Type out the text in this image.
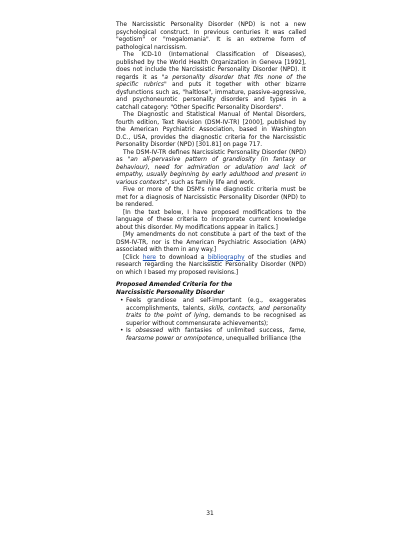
The Narcissistic Personality Disorder (NPD) is not a new psychological construct. In previous centuries it was called "egotism" or "megalomania". It is an extreme form of pathological narcissism.

The ICD-10 (International Classification of Diseases), published by the World Health Organization in Geneva [1992], does not include the Narcissistic Personality Disorder (NPD). It regards it as "a personality disorder that fits none of the specific rubrics" and puts it together with other bizarre dysfunctions such as, "haltlose", immature, passive-aggressive, and psychoneurotic personality disorders and types in a catchall category: "Other Specific Personality Disorders".

The Diagnostic and Statistical Manual of Mental Disorders, fourth edition, Text Revision (DSM-IV-TR) [2000], published by the American Psychiatric Association, based in Washington D.C., USA, provides the diagnostic criteria for the Narcissistic Personality Disorder (NPD) [301.81] on page 717.

The DSM-IV-TR defines Narcissistic Personality Disorder (NPD) as "an all-pervasive pattern of grandiosity (in fantasy or behaviour), need for admiration or adulation and lack of empathy, usually beginning by early adulthood and present in various contexts", such as family life and work.

Five or more of the DSM's nine diagnostic criteria must be met for a diagnosis of Narcissistic Personality Disorder (NPD) to be rendered.

[In the text below, I have proposed modifications to the language of these criteria to incorporate current knowledge about this disorder. My modifications appear in italics.]

[My amendments do not constitute a part of the text of the DSM-IV-TR, nor is the American Psychiatric Association (APA) associated with them in any way.]

[Click here to download a bibliography of the studies and research regarding the Narcissistic Personality Disorder (NPD) on which I based my proposed revisions.]

Proposed Amended Criteria for the
Narcissistic Personality Disorder
• Feels grandiose and self-important (e.g., exaggerates accomplishments, talents, skills, contacts, and personality traits to the point of lying, demands to be recognised as superior without commensurate achievements);
• Is obsessed with fantasies of unlimited success, fame, fearsome power or omnipotence, unequalled brilliance (the
31
